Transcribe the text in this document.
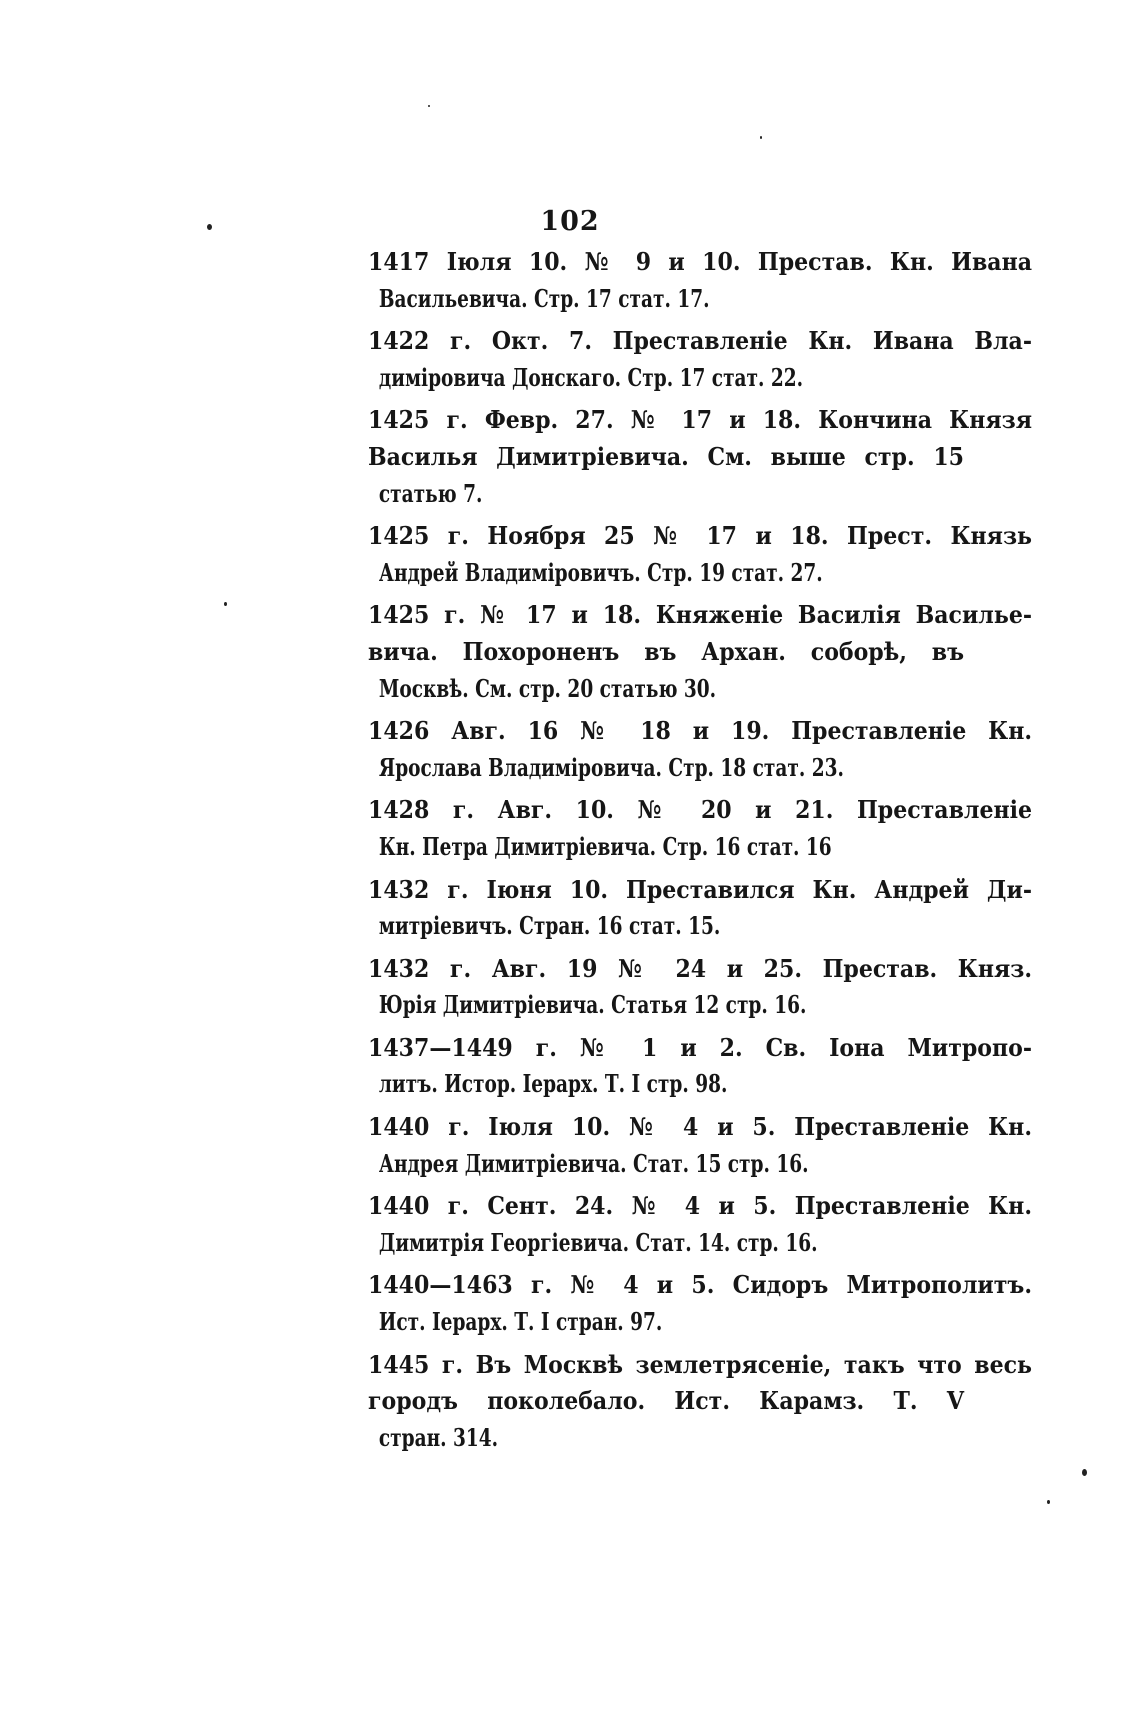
102
1417 Іюля 10. № 9 и 10. Престав. Кн. Ивана
Васильевича. Стр. 17 стат. 17.
1422 г. Окт. 7. Преставленіе Кн. Ивана Вла-
диміровича Донскаго. Стр. 17 стат. 22.
1425 г. Февр. 27. № 17 и 18. Кончина Князя
Василья Димитріевича. См. выше стр. 15
статью 7.
1425 г. Ноября 25 № 17 и 18. Прест. Князь
Андрей Владиміровичъ. Стр. 19 стат. 27.
1425 г. № 17 и 18. Княженіе Василія Василье-
вича. Похороненъ въ Архан. соборѣ, въ
Москвѣ. См. стр. 20 статью 30.
1426 Авг. 16 № 18 и 19. Преставленіе Кн.
Ярослава Владиміровича. Стр. 18 стат. 23.
1428 г. Авг. 10. № 20 и 21. Преставленіе
Кн. Петра Димитріевича. Стр. 16 стат. 16
1432 г. Іюня 10. Преставился Кн. Андрей Ди-
митріевичъ. Стран. 16 стат. 15.
1432 г. Авг. 19 № 24 и 25. Престав. Княз.
Юрія Димитріевича. Статья 12 стр. 16.
1437—1449 г. № 1 и 2. Св. Іона Митропо-
литъ. Истор. Іерарх. Т. I стр. 98.
1440 г. Іюля 10. № 4 и 5. Преставленіе Кн.
Андрея Димитріевича. Стат. 15 стр. 16.
1440 г. Сент. 24. № 4 и 5. Преставленіе Кн.
Димитрія Георгіевича. Стат. 14. стр. 16.
1440—1463 г. № 4 и 5. Сидоръ Митрополитъ.
Ист. Іерарх. Т. I стран. 97.
1445 г. Въ Москвѣ землетрясеніе, такъ что весь
городъ поколебало. Ист. Карамз. Т. V
стран. 314.
